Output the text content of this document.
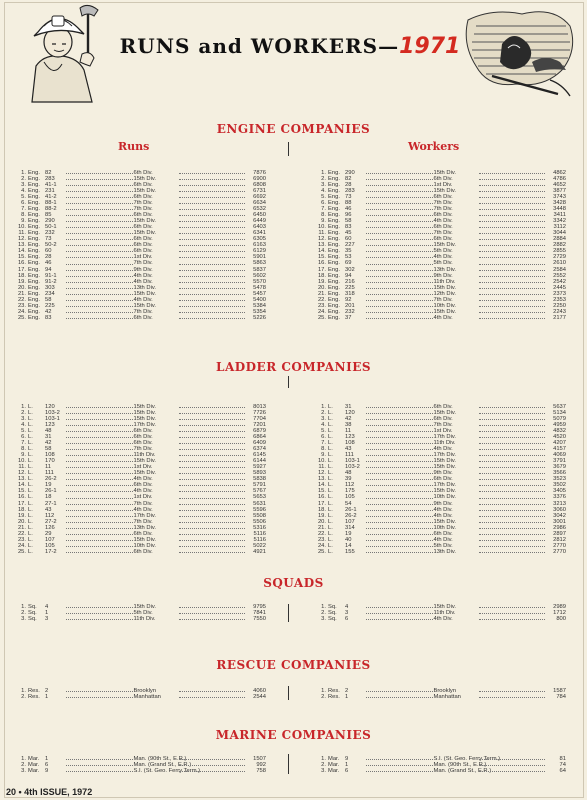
RUNS and WORKERS—1971
ENGINE COMPANIES
Runs	Workers
1. Eng. 82	6th Div.	7876
2. Eng. 283	15th Div.	6900
3. Eng. 41-1	6th Div.	6808
4. Eng. 231	15th Div.	6731
5. Eng. 41-2	6th Div.	6692
6. Eng. 88-1	7th Div.	6634
7. Eng. 88-2	7th Div.	6532
8. Eng. 85	6th Div.	6450
9. Eng. 290	15th Div.	6449
10. Eng. 50-1	6th Div.	6403
11. Eng. 232	15th Div.	6341
12. Eng. 73	6th Div.	6305
13. Eng. 50-2	6th Div.	6163
14. Eng. 60	6th Div.	6129
15. Eng. 28	1st Div.	5901
16. Eng. 46	7th Div.	5863
17. Eng. 94	9th Div.	5837
18. Eng. 91-1	4th Div.	5602
19. Eng. 91-2	4th Div.	5570
20. Eng. 303	13th Div.	5478
21. Eng. 234	15th Div.	5457
22. Eng. 58	4th Div.	5400
23. Eng. 225	15th Div.	5384
24. Eng. 42	7th Div.	5354
25. Eng. 83	6th Div.	5226
1. Eng. 290	15th Div.	4862
2. Eng. 82	6th Div.	4786
3. Eng. 28	1st Div.	4652
4. Eng. 283	15th Div.	3877
5. Eng. 73	6th Div.	3743
6. Eng. 88	7th Div.	3428
7. Eng. 46	7th Div.	3448
8. Eng. 96	6th Div.	3411
9. Eng. 58	4th Div.	3342
10. Eng. 83	6th Div.	3112
11. Eng. 45	7th Div.	3044
12. Eng. 60	6th Div.	2884
13. Eng. 227	15th Div.	2882
14. Eng. 35	5th Div.	2855
15. Eng. 53	4th Div.	2729
16. Eng. 69	5th Div.	2610
17. Eng. 302	13th Div.	2584
18. Eng. 94	9th Div.	2552
19. Eng. 216	11th Div.	2542
20. Eng. 225	15th Div.	2445
21. Eng. 318	12th Div.	2373
22. Eng. 92	7th Div.	2353
23. Eng. 201	10th Div.	2250
24. Eng. 232	15th Div.	2243
25. Eng. 37	4th Div.	2177
LADDER COMPANIES
1. L.	120	15th Div.	8013
2. L.	103-2	15th Div.	7726
3. L.	103-1	15th Div.	7704
4. L.	123	17th Div.	7201
5. L.	48	6th Div.	6879
6. L.	31	6th Div.	6864
7. L.	42	6th Div.	6409
8. L.	58	7th Div.	6374
9. L.	108	11th Div.	6145
10. L.	170	15th Div.	6144
11. L.	11	1st Div.	5927
12. L.	111	15th Div.	5893
13. L.	26-2	4th Div.	5838
14. L.	19	6th Div.	5791
15. L.	26-1	4th Div.	5767
16. L.	18	1st Div.	5653
17. L.	27-1	7th Div.	5631
18. L.	43	4th Div.	5596
19. L.	112	17th Div.	5508
20. L.	27-2	7th Div.	5506
21. L.	126	13th Div.	5316
22. L.	29	6th Div.	5116
23. L.	107	15th Div.	5116
24. L.	105	10th Div.	5022
25. L.	17-2	6th Div.	4921
1. L.	31	6th Div.	5637
2. L.	120	15th Div.	5134
3. L.	42	6th Div.	5079
4. L.	38	7th Div.	4959
5. L.	11	1st Div.	4832
6. L.	123	17th Div.	4520
7. L.	108	11th Div.	4207
8. L.	43	4th Div.	4157
9. L.	111	17th Div.	4069
10. L.	103-1	15th Div.	3791
11. L.	103-2	15th Div.	3679
12. L.	48	9th Div.	3566
13. L.	39	6th Div.	3523
14. L.	112	17th Div.	3502
15. L.	175	15th Div.	3405
16. L.	105	10th Div.	3376
17. L.	54	9th Div.	3213
18. L.	26-1	4th Div.	3060
19. L.	26-2	4th Div.	3042
20. L.	107	15th Div.	3001
21. L.	314	10th Div.	2986
22. L.	19	6th Div.	2897
23. L.	40	4th Div.	2812
24. L.	14	5th Div.	2770
25. L.	155	13th Div.	2770
SQUADS
1. Sq.	4	15th Div.	9795
2. Sq.	1	5th Div.	7841
3. Sq.	3	11th Div.	7550
1. Sq.	4	15th Div.	2989
2. Sq.	3	11th Div.	1712
3. Sq.	6	4th Div.	800
RESCUE COMPANIES
1. Res. 2	Brooklyn	4060
2. Res. 1	Manhattan	2544
1. Res. 2	Brooklyn	1587
2. Res. 1	Manhattan	784
MARINE COMPANIES
1. Mar. 1	Man. (90th St., E.R.)	1507
2. Mar. 6	Man. (Grand St., E.R.)	992
3. Mar. 9	S.I. (St. Geo. Ferry Term.)	758
1. Mar. 9	S.I. (St. Geo. Ferry Term.)	81
2. Mar. 1	Man. (90th St., E.R.)	74
3. Mar. 6	Man. (Grand St., E.R.)	64
20 • 4th ISSUE, 1972
